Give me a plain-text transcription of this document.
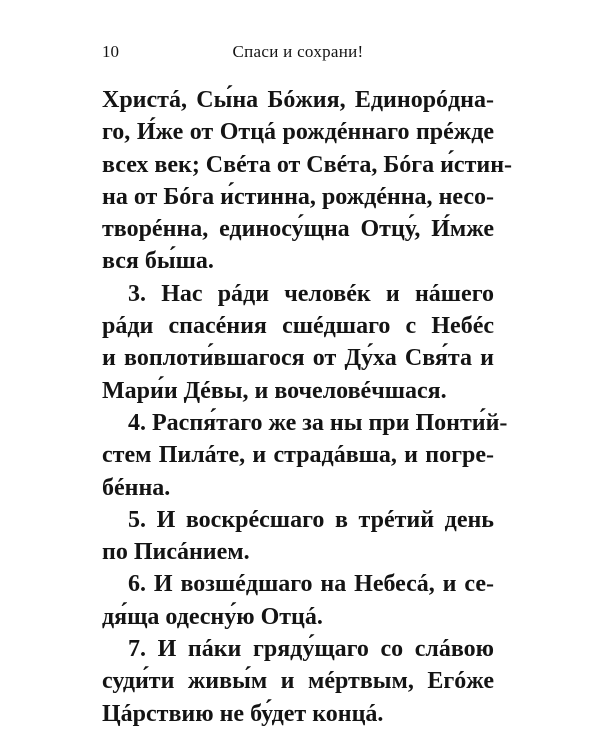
10	Спаси и сохрани!
Христá, Сы́на Бóжия, Единорóдна-
го, И́же от Отцá рождéннаго прéжде
всех век; Свéта от Свéта, Бóга и́стин-
на от Бóга и́стинна, рождéнна, несо-
творéнна, единосу́щна Отцу́, И́мже
вся бы́ша.
3. Нас рáди человéк и нáшего
рáди спасéния сшéдшаго с Небéс
и воплоти́вшагося от Ду́ха Свя́та и
Мари́и Дéвы, и вочеловéчшася.
4. Распя́таго же за ны при Понти́й-
стем Пилáте, и страдáвша, и погре-
бéнна.
5. И воскрéсшаго в трéтий день
по Писáнием.
6. И возшéдшаго на Небесá, и се-
дя́ща одесну́ю Отцá.
7. И пáки гряду́щаго со слáвою
суди́ти живы́м и мéртвым, Егóже
Цáрствию не бу́дет концá.
